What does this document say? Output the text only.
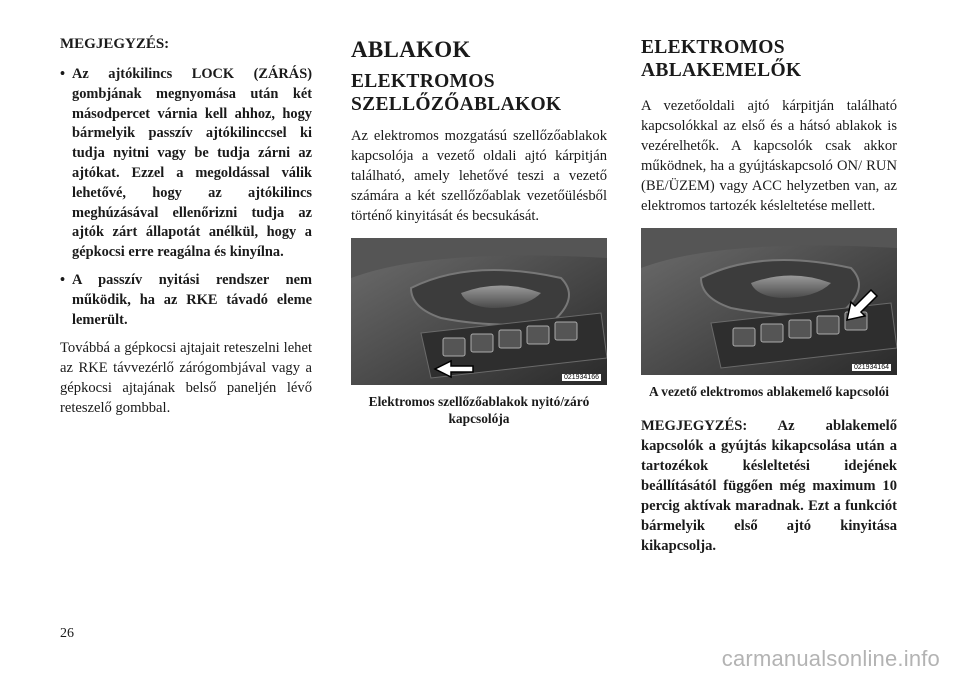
MEGJEGYZÉS:
• Az ajtókilincs LOCK (ZÁRÁS) gombjának megnyomása után két másodpercet várnia kell ahhoz, hogy bármelyik passzív ajtókilinccsel ki tudja nyitni vagy be tudja zárni az ajtókat. Ezzel a megoldással válik lehetővé, hogy az ajtókilincs meghúzásával ellenőrizni tudja az ajtók zárt állapotát anélkül, hogy a gépkocsi erre reagálna és kinyílna.
• A passzív nyitási rendszer nem működik, ha az RKE távadó eleme lemerült.

Továbbá a gépkocsi ajtajait reteszelni lehet az RKE távvezérlő zárógombjával vagy a gépkocsi ajtajának belső paneljén lévő reteszelő gombbal.

ABLAKOK
ELEKTROMOS SZELLŐZŐABLAKOK

Az elektromos mozgatású szellőzőablakok kapcsolója a vezető oldali ajtó kárpitján található, amely lehetővé teszi a vezető számára a két szellőzőablak vezetőülésből történő kinyitását és becsukását.

021934166
Elektromos szellőzőablakok nyitó/záró kapcsolója
ELEKTROMOS ABLAKEMELŐK

A vezetőoldali ajtó kárpitján található kapcsolókkal az első és a hátsó ablakok is vezérelhetők. A kapcsolók csak akkor működnek, ha a gyújtáskapcsoló ON/ RUN (BE/ÜZEM) vagy ACC helyzetben van, az elektromos tartozék késleltetése mellett.

021934164
A vezető elektromos ablakemelő kapcsolói
MEGJEGYZÉS: Az ablakemelő kapcsolók a gyújtás kikapcsolása után a tartozékok késleltetési idejének beállításától függően még maximum 10 percig aktívak maradnak. Ezt a funkciót bármelyik első ajtó kinyitása kikapcsolja.
26
carmanualsonline.info
